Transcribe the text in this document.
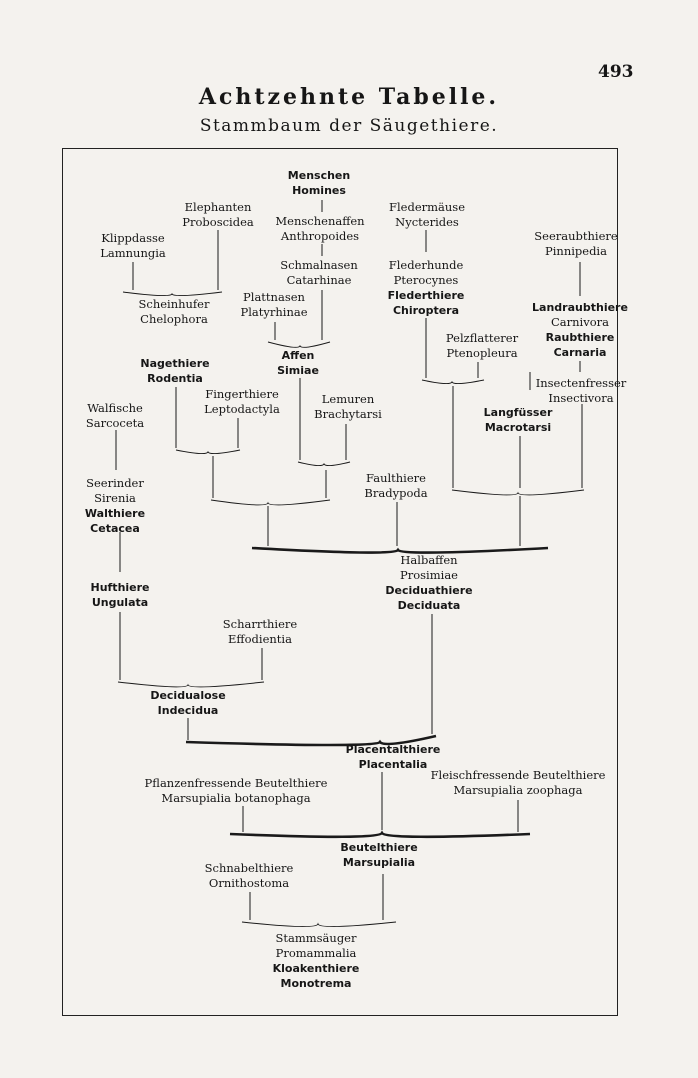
493
Achtzehnte Tabelle.
Stammbaum der Säugethiere.
Menschen
Homines
Elephanten
Proboscidea
Fledermäuse
Nycterides
Menschenaffen
Anthropoides
Klippdasse
Lamnungia
Seeraubthiere
Pinnipedia
Schmalnasen
Catarhinae
Flederhunde
Pterocynes
Flederthiere
Chiroptera
Plattnasen
Platyrhinae
Scheinhufer
Chelophora
Landraubthiere
Carnivora
Raubthiere
Carnaria
Pelzflatterer
Ptenopleura
Affen
Simiae
Nagethiere
Rodentia	Insectenfresser
Insectivora
Fingerthiere
Leptodactyla
Lemuren
Brachytarsi
Walfische
Sarcoceta
Langfüsser
Macrotarsi
Faulthiere
Bradypoda
Seerinder
Sirenia
Walthiere
Cetacea
Halbaffen
Prosimiae
Deciduathiere
Deciduata
Hufthiere
Ungulata
Scharrthiere
Effodientia
Decidualose
Indecidua
Placentalthiere
Placentalia
Pflanzenfressende Beutelthiere
Marsupialia botanophaga
Fleischfressende Beutelthiere
Marsupialia zoophaga
Beutelthiere
Marsupialia
Schnabelthiere
Ornithostoma
Stammsäuger
Promammalia
Kloakenthiere
Monotrema
